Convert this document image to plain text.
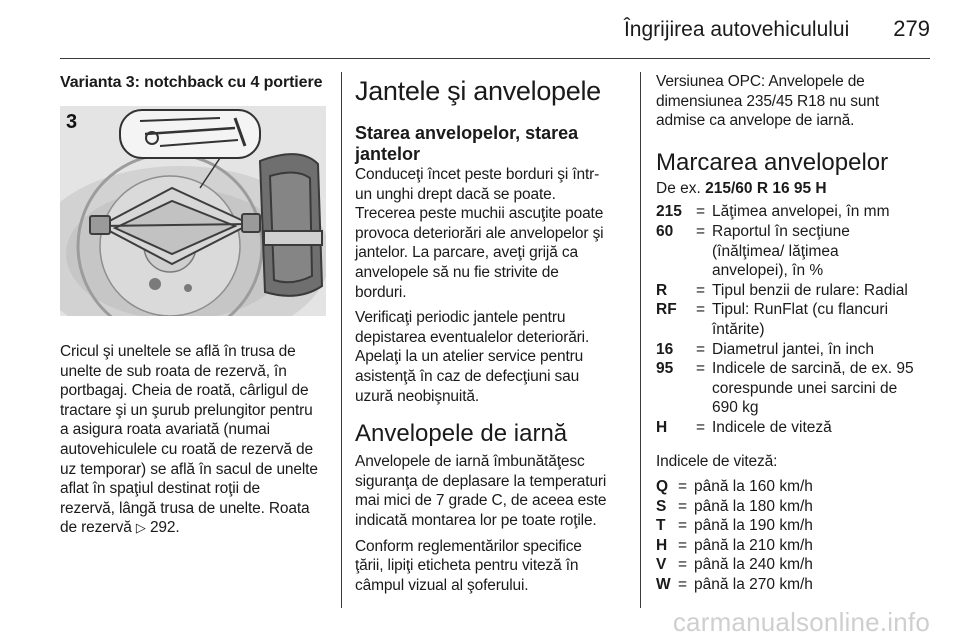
Îngrijirea autovehiculului 279
Varianta 3: notchback cu 4 portiere
3
Cricul şi uneltele se află în trusa de
unelte de sub roata de rezervă, în
portbagaj. Cheia de roată, cârligul de
tractare şi un şurub prelungitor pentru
a asigura roata avariată (numai
autovehiculele cu roată de rezervă de
uz temporar) se află în sacul de unelte
aflat în spaţiul destinat roţii de
rezervă, lângă trusa de unelte. Roata
de rezervă ▷ 292.
Jantele şi anvelopele
Starea anvelopelor, starea
jantelor
Conduceţi încet peste borduri şi într-
un unghi drept dacă se poate.
Trecerea peste muchii ascuţite poate
provoca deteriorări ale anvelopelor şi
jantelor. La parcare, aveţi grijă ca
anvelopele să nu fie strivite de
borduri.
Verificaţi periodic jantele pentru
depistarea eventualelor deteriorări.
Apelaţi la un atelier service pentru
asistenţă în caz de defecţiuni sau
uzură neobişnuită.
Anvelopele de iarnă
Anvelopele de iarnă îmbunătăţesc
siguranţa de deplasare la temperaturi
mai mici de 7 grade C, de aceea este
indicată montarea lor pe toate roţile.
Conform reglementărilor specifice
ţării, lipiţi eticheta pentru viteză în
câmpul vizual al şoferului.
Versiunea OPC: Anvelopele de
dimensiunea 235/45 R18 nu sunt
admise ca anvelope de iarnă.
Marcarea anvelopelor
De ex. 215/60 R 16 95 H
215 = Lăţimea anvelopei, în mm
60	= Raportul în secţiune
(înălţimea/ lăţimea
anvelopei), în %
R	= Tipul benzii de rulare: Radial
RF	= Tipul: RunFlat (cu flancuri
întărite)
16	= Diametrul jantei, în inch
95	= Indicele de sarcină, de ex. 95
corespunde unei sarcini de
690 kg
H	= Indicele de viteză
Indicele de viteză:
Q = până la 160 km/h
S = până la 180 km/h
T = până la 190 km/h
H = până la 210 km/h
V = până la 240 km/h
W = până la 270 km/h
carmanualsonline.info
